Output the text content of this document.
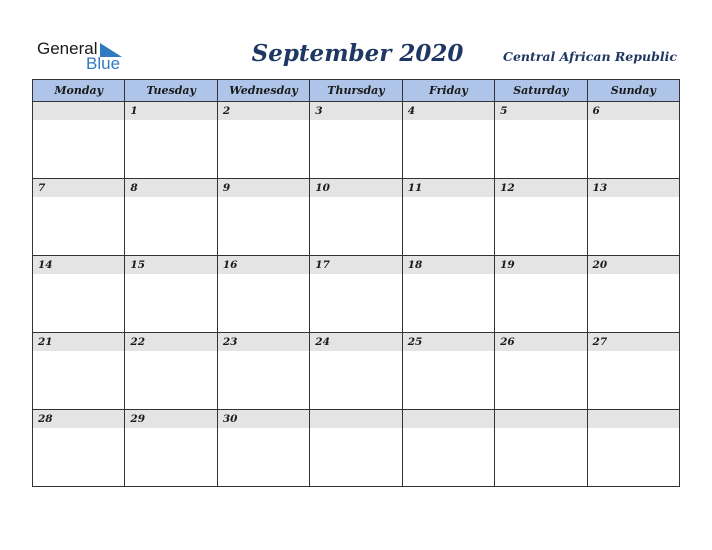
General
Blue	September 2020	Central African Republic
Monday	Tuesday	Wednesday	Thursday	Friday	Saturday	Sunday

	1	2	3	4	5	6

7	8	9	10	11	12	13

14	15	16	17	18	19	20

21	22	23	24	25	26	27

28	29	30				
